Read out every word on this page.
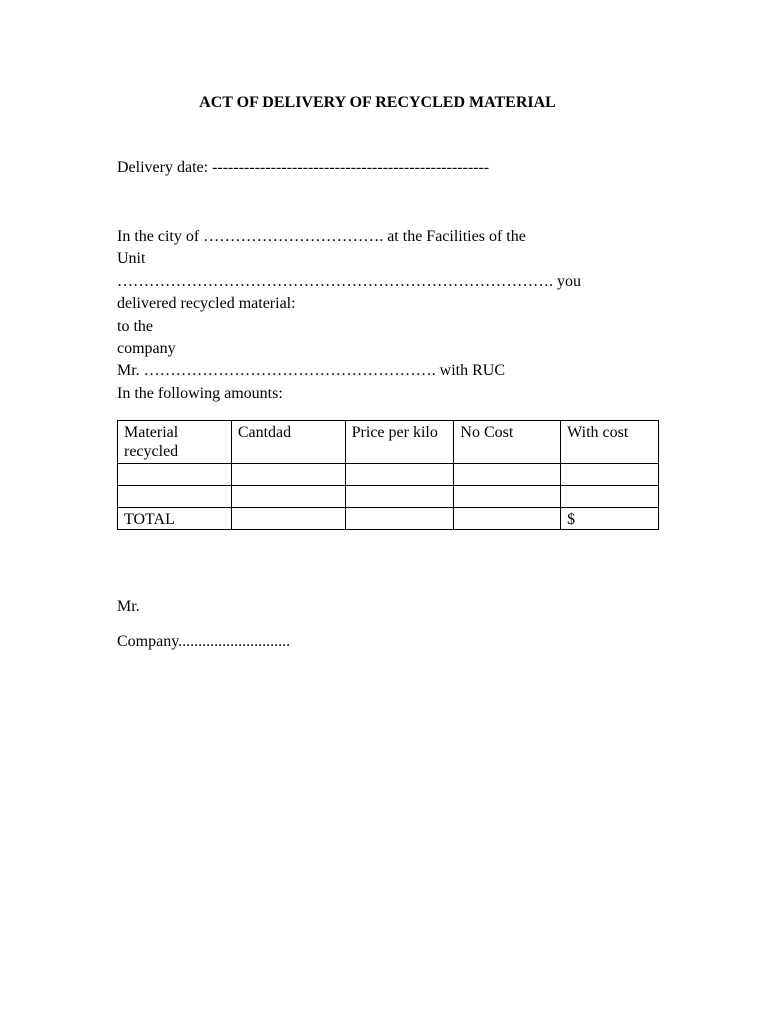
ACT OF DELIVERY OF RECYCLED MATERIAL
Delivery date: ----------------------------------------------------
In the city of ……………………………. at the Facilities of the
Unit
………………………………………………………………………. you
delivered recycled material:
to the
company
Mr. ………………………………………………. with RUC
In the following amounts:
Material recycled	Cantdad	Price per kilo	No Cost	With cost

TOTAL				$
Mr.
Company............................
